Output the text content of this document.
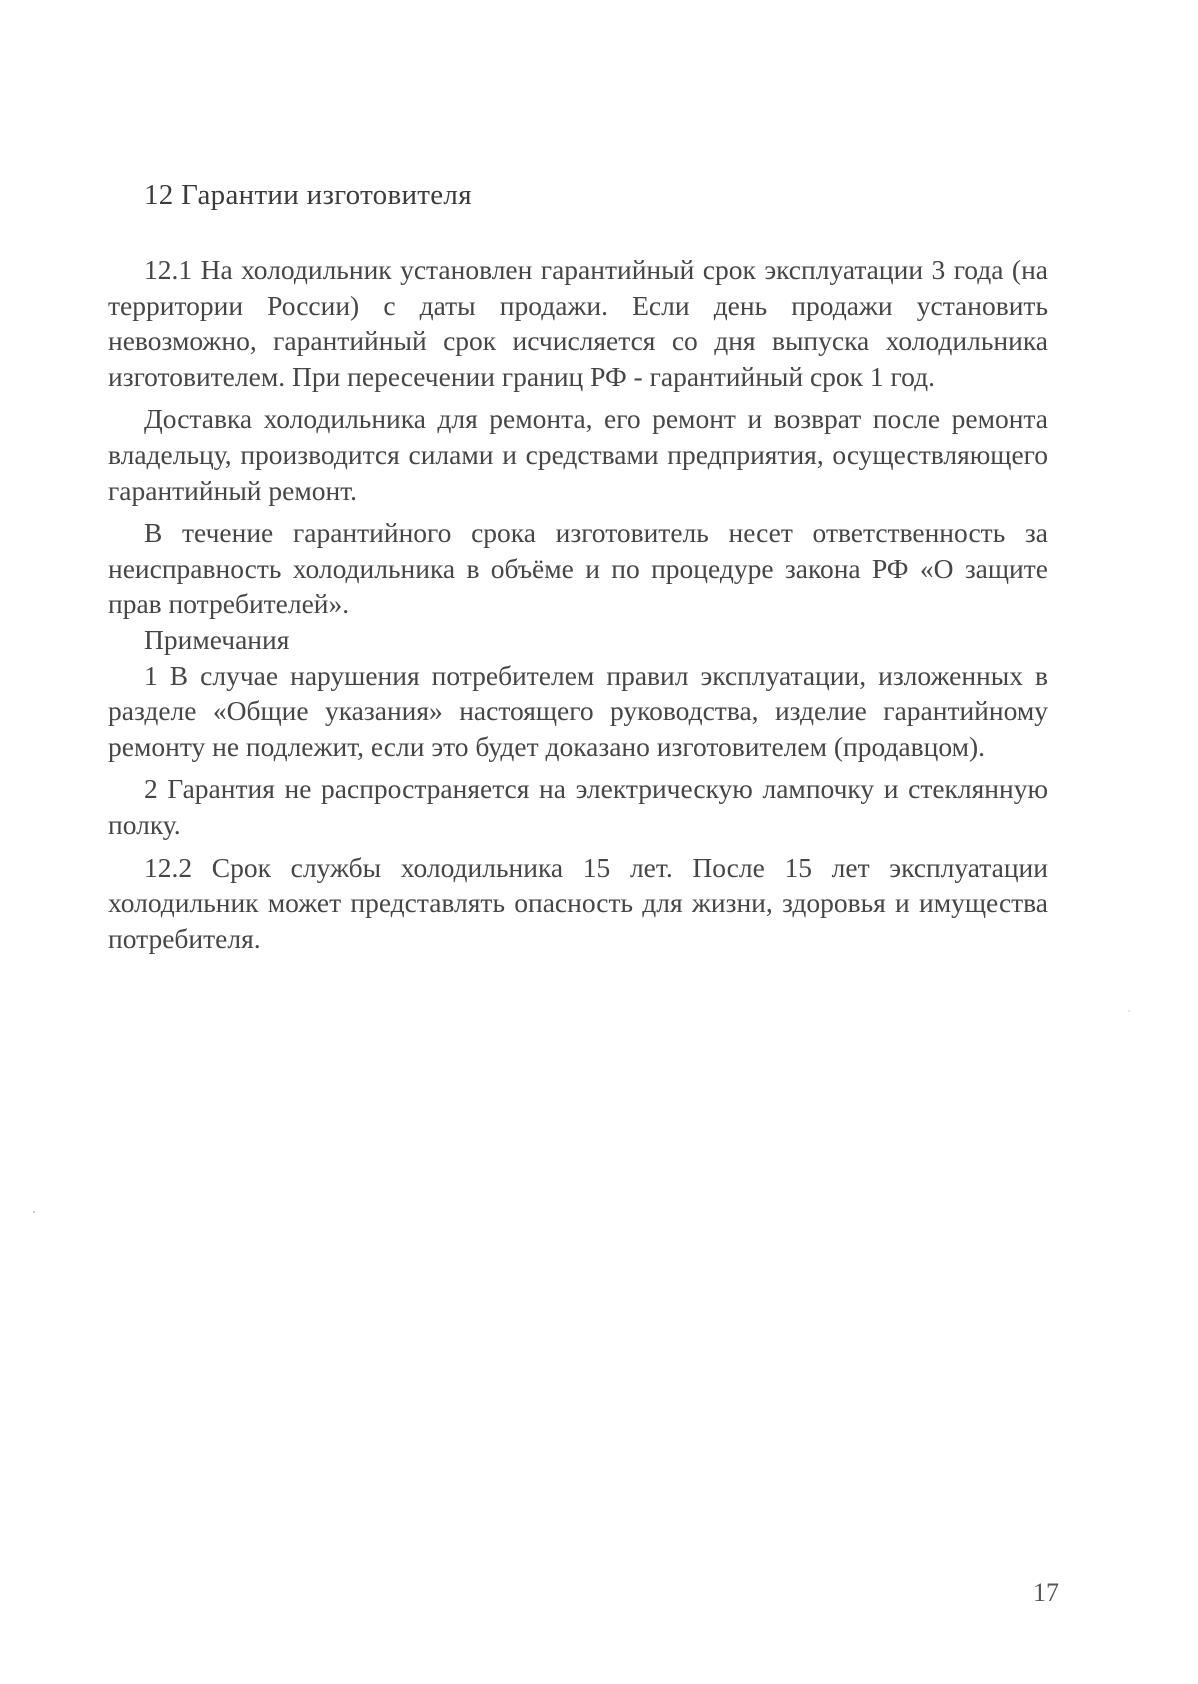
12 Гарантии изготовителя

12.1 На холодильник установлен гарантийный срок эксплуатации 3 года (на территории России) с даты продажи. Если день продажи установить невозможно, гарантийный срок исчисляется со дня выпуска холодильника изготовителем. При пересечении границ РФ - гарантийный срок 1 год.

Доставка холодильника для ремонта, его ремонт и возврат после ремонта владельцу, производится силами и средствами предприятия, осуществляющего гарантийный ремонт.

В течение гарантийного срока изготовитель несет ответственность за неисправность холодильника в объёме и по процедуре закона РФ «О защите прав потребителей».

Примечания

1 В случае нарушения потребителем правил эксплуатации, изложенных в разделе «Общие указания» настоящего руководства, изделие гарантийному ремонту не подлежит, если это будет доказано изготовителем (продавцом).

2 Гарантия не распространяется на электрическую лампочку и стеклянную полку.

12.2 Срок службы холодильника 15 лет. После 15 лет эксплуатации холодильник может представлять опасность для жизни, здоровья и имущества потребителя.

17
